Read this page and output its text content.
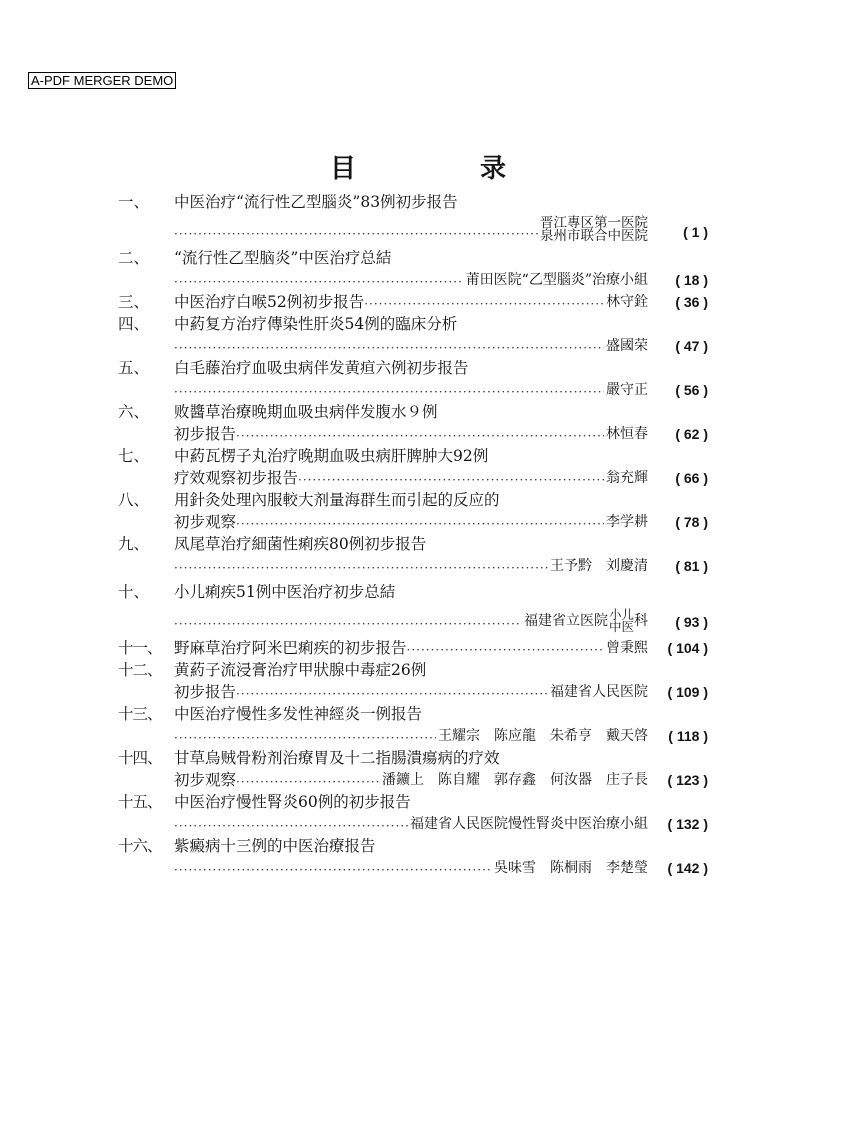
A-PDF MERGER DEMO
目	录
一、	中医治疗“流行性乙型腦炎”83例初步报告
·····
晋江專区第一医院
泉州市联合中医院	( 1 )
二、	“流行性乙型脑炎”中医治疗总結
·····
莆田医院“乙型腦炎”治療小組	( 18 )
三、	中医治疗白喉52例初步报告 ·····	林守銓	( 36 )
四、	中葯复方治疗傳染性肝炎54例的臨床分析
·····
盛國荣	( 47 )
五、	白毛藤治疗血吸虫病伴发黄疸六例初步报告
·····
嚴守正	( 56 )
六、	败醬草治療晚期血吸虫病伴发腹水９例
初步报告 ·····	林恒春	( 62 )
七、	中葯瓦楞子丸治疗晚期血吸虫病肝脾肿大92例
疗效观察初步报告 ·····	翁充輝	( 66 )
八、	用針灸处理內服較大剂量海群生而引起的反应的
初步观察 ·····	李学耕	( 78 )
九、	凤尾草治疗細菌性痢疾80例初步报告
·····
王予黔　刘慶清	( 81 )
十、	小儿痢疾51例中医治疗初步总結
·····
福建省立医院 小儿
中医 科	( 93 )
十一、 野麻草治疗阿米巴痢疾的初步报告 ·····	曾秉熙	( 104 )
十二、 黄葯子流浸膏治疗甲狀腺中毒症26例
初步报告 ·····	福建省人民医院	( 109 )
十三、 中医治疗慢性多发性神經炎一例报告
·····
王耀宗　陈应龍　朱希亨　戴天啓	( 118 )
十四、 甘草烏贼骨粉剂治療胃及十二指腸潰瘍病的疗效
初步观察 ·····	潘鑛上　陈自耀　郭存鑫　何汝器　庄子長	( 123 )
十五、 中医治疗慢性腎炎60例的初步报告
·····
福建省人民医院慢性腎炎中医治療小組	( 132 )
十六、 紫癜病十三例的中医治療报告
·····
吳味雪　陈桐雨　李楚瑩	( 142 )
